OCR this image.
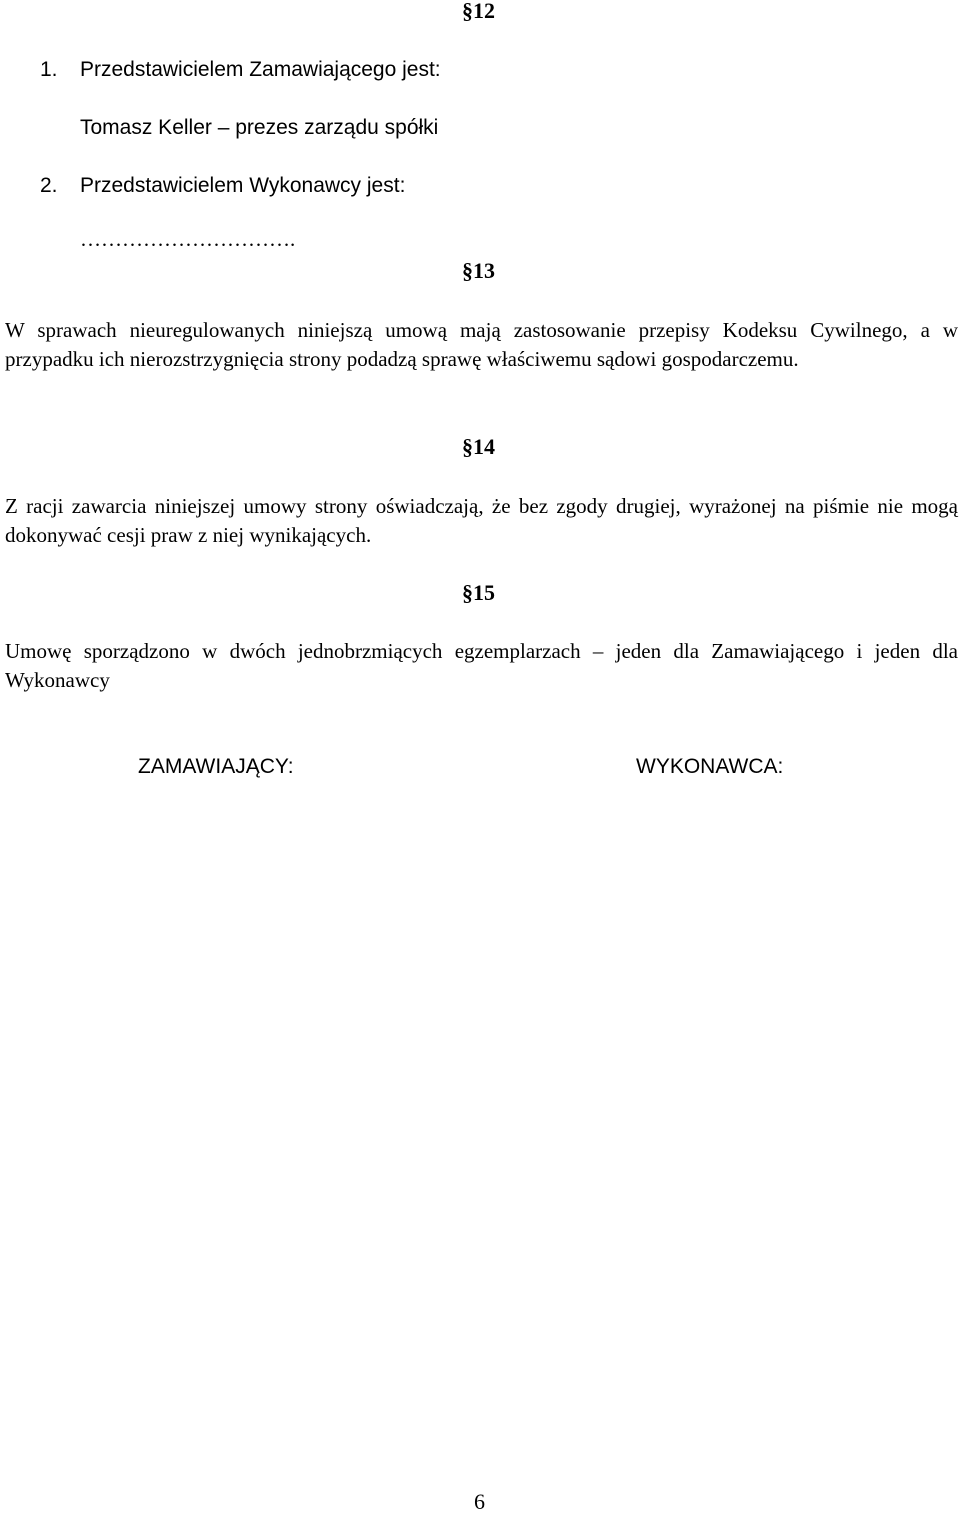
§12
1. Przedstawicielem Zamawiającego jest:
Tomasz Keller – prezes zarządu spółki
2. Przedstawicielem Wykonawcy jest:
………………………….
§13
W sprawach nieuregulowanych niniejszą umową mają zastosowanie przepisy Kodeksu Cywilnego, a w przypadku ich nierozstrzygnięcia strony podadzą sprawę właściwemu sądowi gospodarczemu.
§14
Z racji zawarcia niniejszej umowy strony oświadczają, że bez zgody drugiej, wyrażonej na piśmie nie mogą dokonywać cesji praw z niej wynikających.
§15
Umowę sporządzono w dwóch jednobrzmiących egzemplarzach – jeden dla Zamawiającego i jeden dla Wykonawcy
ZAMAWIAJĄCY:	WYKONAWCA:
6
